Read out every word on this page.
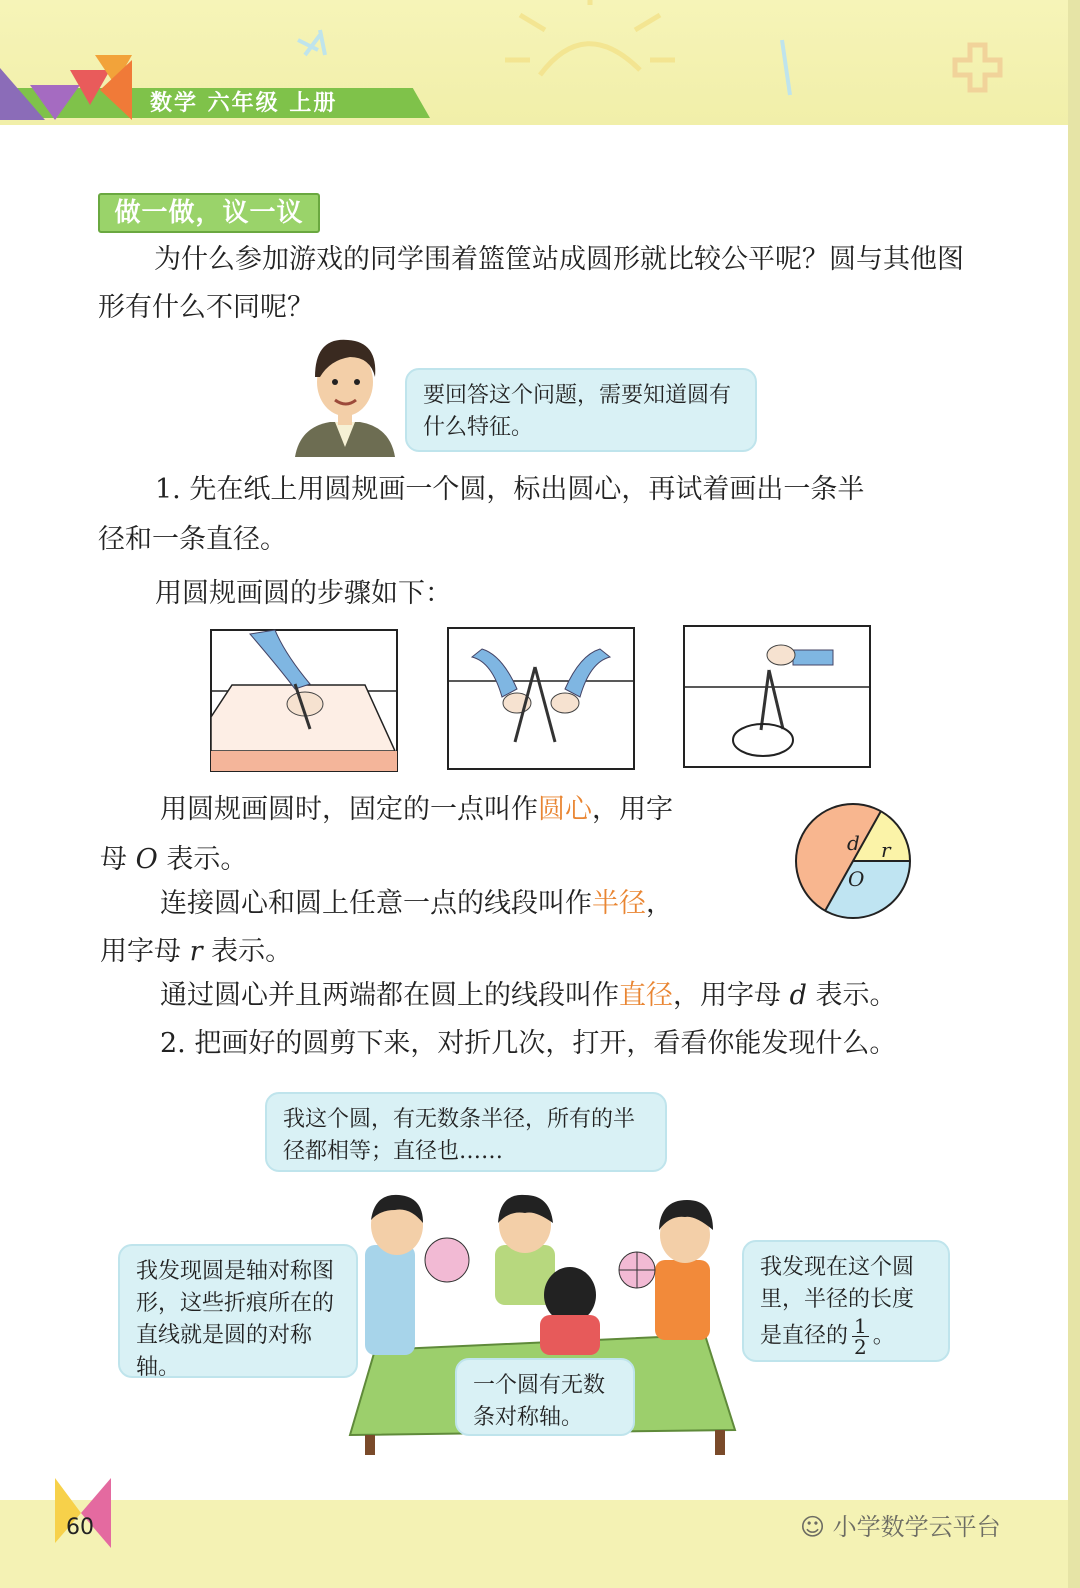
数学 六年级 上册
做一做，议一议
为什么参加游戏的同学围着篮筐站成圆形就比较公平呢？圆与其他图形有什么不同呢？
要回答这个问题，需要知道圆有什么特征。
1. 先在纸上用圆规画一个圆，标出圆心，再试着画出一条半
径和一条直径。
用圆规画圆的步骤如下：
用圆规画圆时，固定的一点叫作圆心，用字
母 O 表示。
d r
O
连接圆心和圆上任意一点的线段叫作半径，
用字母 r 表示。
通过圆心并且两端都在圆上的线段叫作直径，用字母 d 表示。
2. 把画好的圆剪下来，对折几次，打开，看看你能发现什么。
我这个圆，有无数条半径，所有的半径都相等；直径也……
我发现圆是轴对称图形，这些折痕所在的直线就是圆的对称轴。
我发现在这个圆里，半径的长度是直径的 $\frac{1}{2}$ 。
一个圆有无数条对称轴。
60	☺ 小学数学云平台
